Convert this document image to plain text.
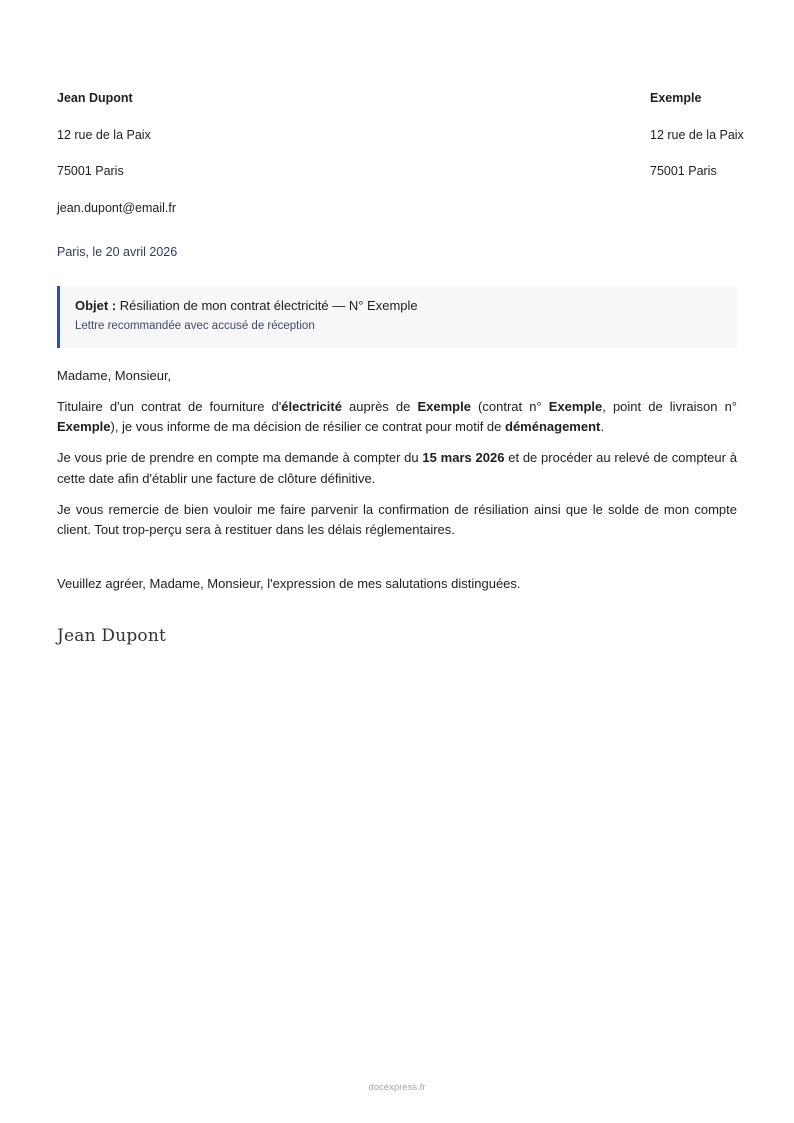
Jean Dupont
12 rue de la Paix
75001 Paris
jean.dupont@email.fr
Exemple
12 rue de la Paix
75001 Paris
Paris, le 20 avril 2026
Objet : Résiliation de mon contrat électricité — N° Exemple
Lettre recommandée avec accusé de réception

Madame, Monsieur,

Titulaire d'un contrat de fourniture d'électricité auprès de Exemple (contrat n° Exemple, point de livraison n° Exemple), je vous informe de ma décision de résilier ce contrat pour motif de déménagement.

Je vous prie de prendre en compte ma demande à compter du 15 mars 2026 et de procéder au relevé de compteur à cette date afin d'établir une facture de clôture définitive.

Je vous remercie de bien vouloir me faire parvenir la confirmation de résiliation ainsi que le solde de mon compte client. Tout trop-perçu sera à restituer dans les délais réglementaires.

Veuillez agréer, Madame, Monsieur, l'expression de mes salutations distinguées.
Jean Dupont
docexpress.fr
